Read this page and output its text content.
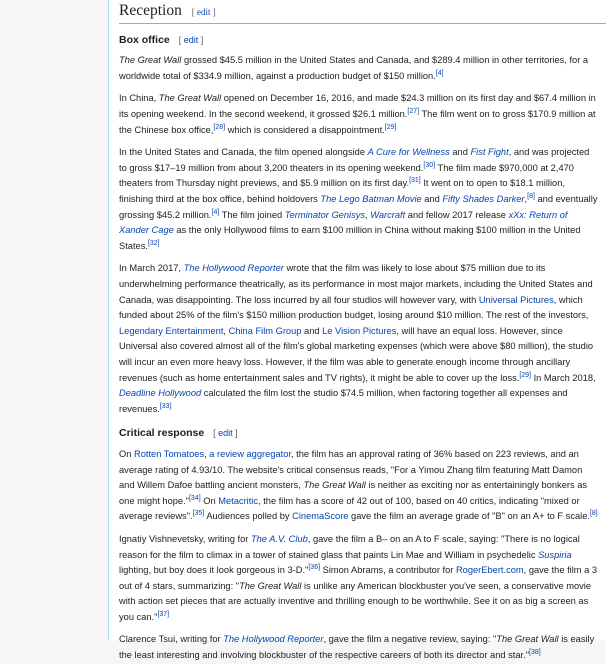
Reception [ edit ]
Box office [ edit ]

The Great Wall grossed $45.5 million in the United States and Canada, and $289.4 million in other territories, for a worldwide total of $334.9 million, against a production budget of $150 million.[4]

In China, The Great Wall opened on December 16, 2016, and made $24.3 million on its first day and $67.4 million in its opening weekend. In the second weekend, it grossed $26.1 million.[27] The film went on to gross $170.9 million at the Chinese box office,[28] which is considered a disappointment.[29]

In the United States and Canada, the film opened alongside A Cure for Wellness and Fist Fight, and was projected to gross $17–19 million from about 3,200 theaters in its opening weekend.[30] The film made $970,000 at 2,470 theaters from Thursday night previews, and $5.9 million on its first day.[31] It went on to open to $18.1 million, finishing third at the box office, behind holdovers The Lego Batman Movie and Fifty Shades Darker,[8] and eventually grossing $45.2 million.[4] The film joined Terminator Genisys, Warcraft and fellow 2017 release xXx: Return of Xander Cage as the only Hollywood films to earn $100 million in China without making $100 million in the United States.[32]

In March 2017, The Hollywood Reporter wrote that the film was likely to lose about $75 million due to its underwhelming performance theatrically, as its performance in most major markets, including the United States and Canada, was disappointing. The loss incurred by all four studios will however vary, with Universal Pictures, which funded about 25% of the film's $150 million production budget, losing around $10 million. The rest of the investors, Legendary Entertainment, China Film Group and Le Vision Pictures, will have an equal loss. However, since Universal also covered almost all of the film's global marketing expenses (which were above $80 million), the studio will incur an even more heavy loss. However, if the film was able to generate enough income through ancillary revenues (such as home entertainment sales and TV rights), it might be able to cover up the loss.[29] In March 2018, Deadline Hollywood calculated the film lost the studio $74.5 million, when factoring together all expenses and revenues.[33]

Critical response [ edit ]

On Rotten Tomatoes, a review aggregator, the film has an approval rating of 36% based on 223 reviews, and an average rating of 4.93/10. The website's critical consensus reads, "For a Yimou Zhang film featuring Matt Damon and Willem Dafoe battling ancient monsters, The Great Wall is neither as exciting nor as entertainingly bonkers as one might hope."[34] On Metacritic, the film has a score of 42 out of 100, based on 40 critics, indicating "mixed or average reviews".[35] Audiences polled by CinemaScore gave the film an average grade of "B" on an A+ to F scale.[8]

Ignatiy Vishnevetsky, writing for The A.V. Club, gave the film a B– on an A to F scale, saying: "There is no logical reason for the film to climax in a tower of stained glass that paints Lin Mae and William in psychedelic Suspiria lighting, but boy does it look gorgeous in 3-D."[36] Simon Abrams, a contributor for RogerEbert.com, gave the film a 3 out of 4 stars, summarizing: "The Great Wall is unlike any American blockbuster you've seen, a conservative movie with action set pieces that are actually inventive and thrilling enough to be worthwhile. See it on as big a screen as you can."[37]

Clarence Tsui, writing for The Hollywood Reporter, gave the film a negative review, saying: "The Great Wall is easily the least interesting and involving blockbuster of the respective careers of both its director and star."[38]
